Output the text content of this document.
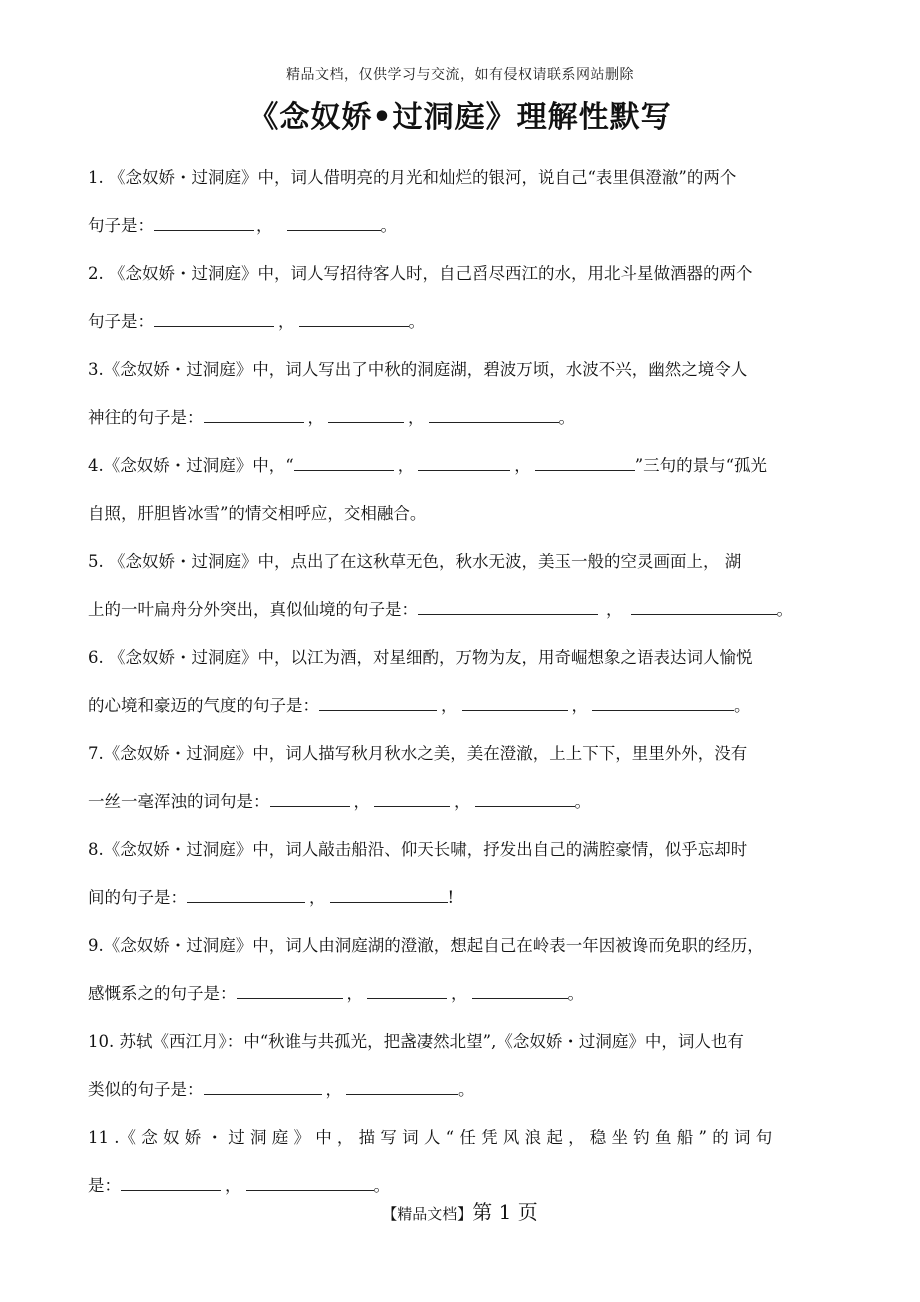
精品文档，仅供学习与交流，如有侵权请联系网站删除
《念奴娇•过洞庭》理解性默写
1. 《念奴娇・过洞庭》中，词人借明亮的月光和灿烂的银河，说自己“表里俱澄澈”的两个
句子是：	，	。
2. 《念奴娇・过洞庭》中，词人写招待客人时，自己舀尽西江的水，用北斗星做酒器的两个
句子是：	，	。
3.《念奴娇・过洞庭》中，词人写出了中秋的洞庭湖，碧波万顷，水波不兴，幽然之境令人
神往的句子是：	，	，	。
4.《念奴娇・过洞庭》中，“	，	，	”三句的景与“孤光
自照，肝胆皆冰雪”的情交相呼应，交相融合。
5. 《念奴娇・过洞庭》中，点出了在这秋草无色，秋水无波，美玉一般的空灵画面上， 湖
上的一叶扁舟分外突出，真似仙境的句子是：	，	。
6. 《念奴娇・过洞庭》中，以江为酒，对星细酌，万物为友，用奇崛想象之语表达词人愉悦
的心境和豪迈的气度的句子是：	，	，	。
7.《念奴娇・过洞庭》中，词人描写秋月秋水之美，美在澄澈，上上下下，里里外外，没有
一丝一毫浑浊的词句是：	，	，	。
8.《念奴娇・过洞庭》中，词人敲击船沿、仰天长啸，抒发出自己的满腔豪情，似乎忘却时
间的句子是：	，	!
9.《念奴娇・过洞庭》中，词人由洞庭湖的澄澈，想起自己在岭表一年因被谗而免职的经历，
感慨系之的句子是：	，	，	。
10. 苏轼《西江月》：中“秋谁与共孤光，把盏凄然北望”,《念奴娇・过洞庭》中，词人也有
类似的句子是：	，	。
11 .《 念 奴 娇 ・ 过 洞 庭 》 中 ， 描 写 词 人 “ 任 凭 风 浪 起 ， 稳 坐 钓 鱼 船 ” 的 词 句
是：	，	。
【精品文档】第 1 页
